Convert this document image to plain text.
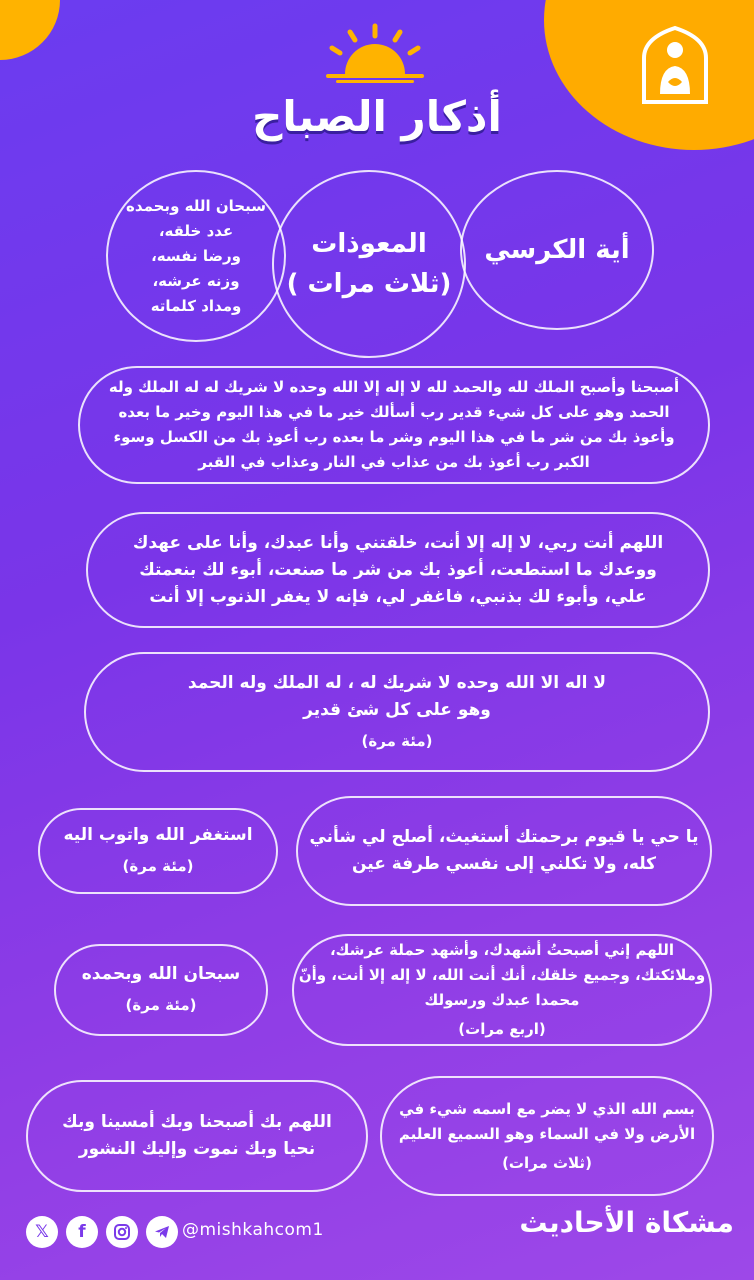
أذكار الصباح
أية الكرسي
المعوذات
(ثلاث مرات )
سبحان الله وبحمده
عدد خلقه،
ورضا نفسه،
وزنه عرشه،
ومداد كلماته
أصبحنا وأصبح الملك لله والحمد لله لا إله إلا الله وحده لا شريك له له الملك وله
الحمد وهو على كل شيء قدير رب أسألك خير ما في هذا اليوم وخير ما بعده
وأعوذ بك من شر ما في هذا اليوم وشر ما بعده رب أعوذ بك من الكسل وسوء
الكبر رب أعوذ بك من عذاب في النار وعذاب في القبر
اللهم أنت ربي، لا إله إلا أنت، خلقتني وأنا عبدك، وأنا على عهدك
ووعدك ما استطعت، أعوذ بك من شر ما صنعت، أبوء لك بنعمتك
علي، وأبوء لك بذنبي، فاغفر لي، فإنه لا يغفر الذنوب إلا أنت
لا اله الا الله وحده لا شريك له ، له الملك وله الحمد
وهو على كل شئ قدير
(مئة مرة)
يا حي يا قيوم برحمتك أستغيث، أصلح لي شأني
كله، ولا تكلني إلى نفسي طرفة عين
استغفر الله واتوب اليه
(مئة مرة)
اللهم إني أصبحتُ أشهدك، وأشهد حملة عرشك،
وملائكتك، وجميع خلقك، أنك أنت الله، لا إله إلا أنت، وأنّ
محمدا عبدك ورسولك
(اربع مرات)
سبحان الله وبحمده
(مئة مرة)
بسم الله الذي لا يضر مع اسمه شيء في
الأرض ولا في السماء وهو السميع العليم
(ثلاث مرات)
اللهم بك أصبحنا وبك أمسينا وبك
نحيا وبك نموت وإليك النشور
𝕏	f	@mishkahcom1	مشكاة الأحاديث
